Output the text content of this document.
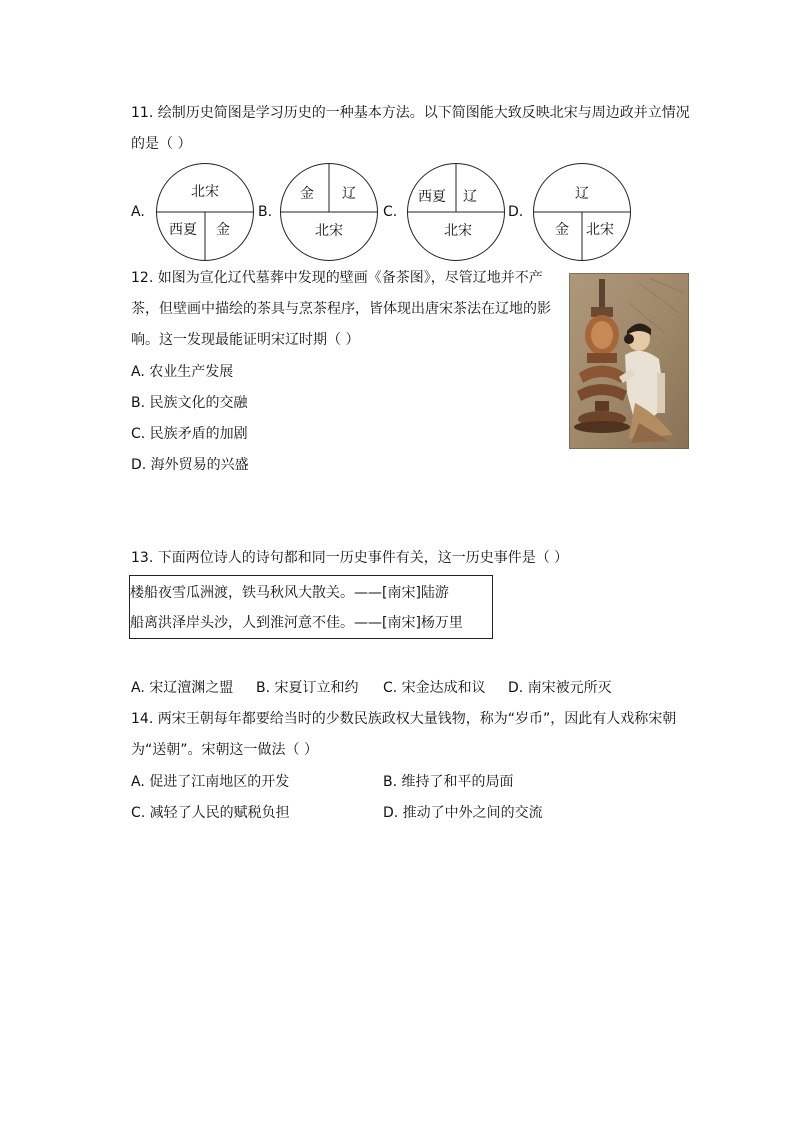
11. 绘制历史简图是学习历史的一种基本方法。以下简图能大致反映北宋与周边政并立情况
的是（ ）
A.
北宋
西夏 金
B.
金 辽
北宋
C.
西夏 辽
北宋
D.
辽
金 北宋
12. 如图为宣化辽代墓葬中发现的壁画《备茶图》，尽管辽地并不产
茶，但壁画中描绘的茶具与烹茶程序，皆体现出唐宋茶法在辽地的影
响。这一发现最能证明宋辽时期（ ）
A. 农业生产发展
B. 民族文化的交融
C. 民族矛盾的加剧
D. 海外贸易的兴盛
13. 下面两位诗人的诗句都和同一历史事件有关，这一历史事件是（ ）
楼船夜雪瓜洲渡，铁马秋风大散关。——[南宋]陆游
船离洪泽岸头沙，人到淮河意不佳。——[南宋]杨万里
A. 宋辽澶渊之盟 B. 宋夏订立和约 C. 宋金达成和议 D. 南宋被元所灭
14. 两宋王朝每年都要给当时的少数民族政权大量钱物，称为“岁币”，因此有人戏称宋朝
为“送朝”。宋朝这一做法（ ）
A. 促进了江南地区的开发	B. 维持了和平的局面
C. 减轻了人民的赋税负担	D. 推动了中外之间的交流
